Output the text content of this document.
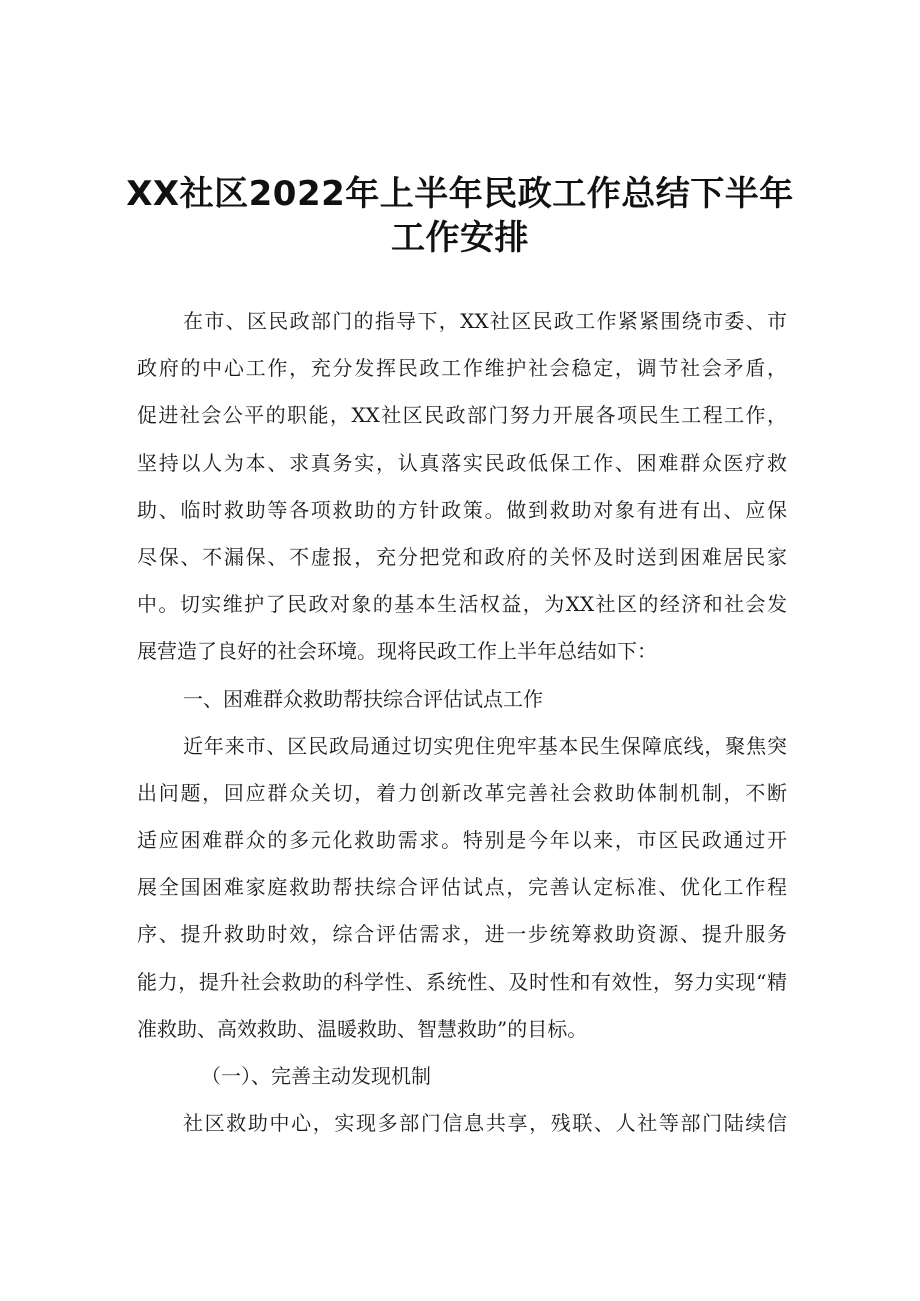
XX社区2022年上半年民政工作总结下半年
工作安排
在市、区民政部门的指导下，XX社区民政工作紧紧围绕市委、市
政府的中心工作，充分发挥民政工作维护社会稳定，调节社会矛盾，
促进社会公平的职能，XX社区民政部门努力开展各项民生工程工作，
坚持以人为本、求真务实，认真落实民政低保工作、困难群众医疗救
助、临时救助等各项救助的方针政策。做到救助对象有进有出、应保
尽保、不漏保、不虚报，充分把党和政府的关怀及时送到困难居民家
中。切实维护了民政对象的基本生活权益，为XX社区的经济和社会发
展营造了良好的社会环境。现将民政工作上半年总结如下：
一、困难群众救助帮扶综合评估试点工作
近年来市、区民政局通过切实兜住兜牢基本民生保障底线，聚焦突
出问题，回应群众关切，着力创新改革完善社会救助体制机制，不断
适应困难群众的多元化救助需求。特别是今年以来，市区民政通过开
展全国困难家庭救助帮扶综合评估试点，完善认定标准、优化工作程
序、提升救助时效，综合评估需求，进一步统筹救助资源、提升服务
能力，提升社会救助的科学性、系统性、及时性和有效性，努力实现“精
准救助、高效救助、温暖救助、智慧救助”的目标。
（一）、完善主动发现机制
社区救助中心，实现多部门信息共享，残联、人社等部门陆续信
